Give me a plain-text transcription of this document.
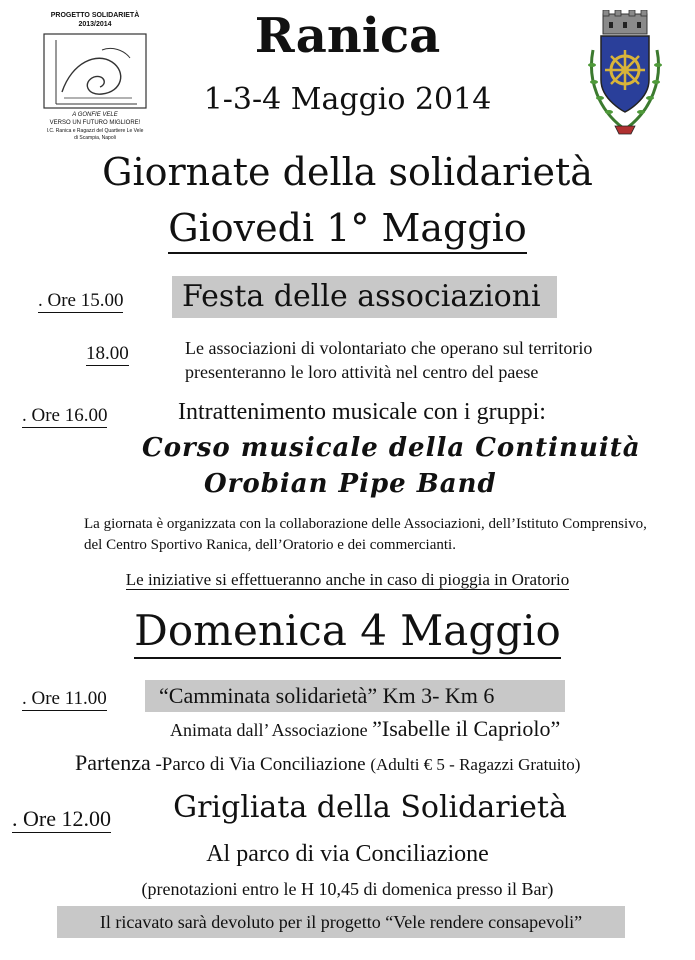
PROGETTO SOLIDARIETÀ
2013/2014
A GONFIE VELE
VERSO UN FUTURO MIGLIORE!
I.C. Ranica e Ragazzi del Quartiere Le Vele
di Scampia, Napoli
Ranica
1-3-4 Maggio 2014
Giornate della solidarietà
Giovedi 1° Maggio
. Ore 15.00	Festa delle associazioni
18.00	Le associazioni di volontariato che operano sul territorio
presenteranno le loro attività nel centro del paese
. Ore 16.00	Intrattenimento musicale con i gruppi:
Corso musicale della Continuità
Orobian Pipe Band
La giornata è organizzata con la collaborazione delle Associazioni, dell’Istituto Comprensivo,
del Centro Sportivo Ranica, dell’Oratorio e dei commercianti.
Le iniziative si effettueranno anche in caso di pioggia in Oratorio
Domenica 4 Maggio
. Ore 11.00	“Camminata solidarietà” Km 3- Km 6
Animata dall’ Associazione ”Isabelle il Capriolo”
Partenza -Parco di Via Conciliazione (Adulti € 5 - Ragazzi Gratuito)
. Ore 12.00	Grigliata della Solidarietà
Al parco di via Conciliazione
(prenotazioni entro le H 10,45 di domenica presso il Bar)
Il ricavato sarà devoluto per il progetto “Vele rendere consapevoli”
